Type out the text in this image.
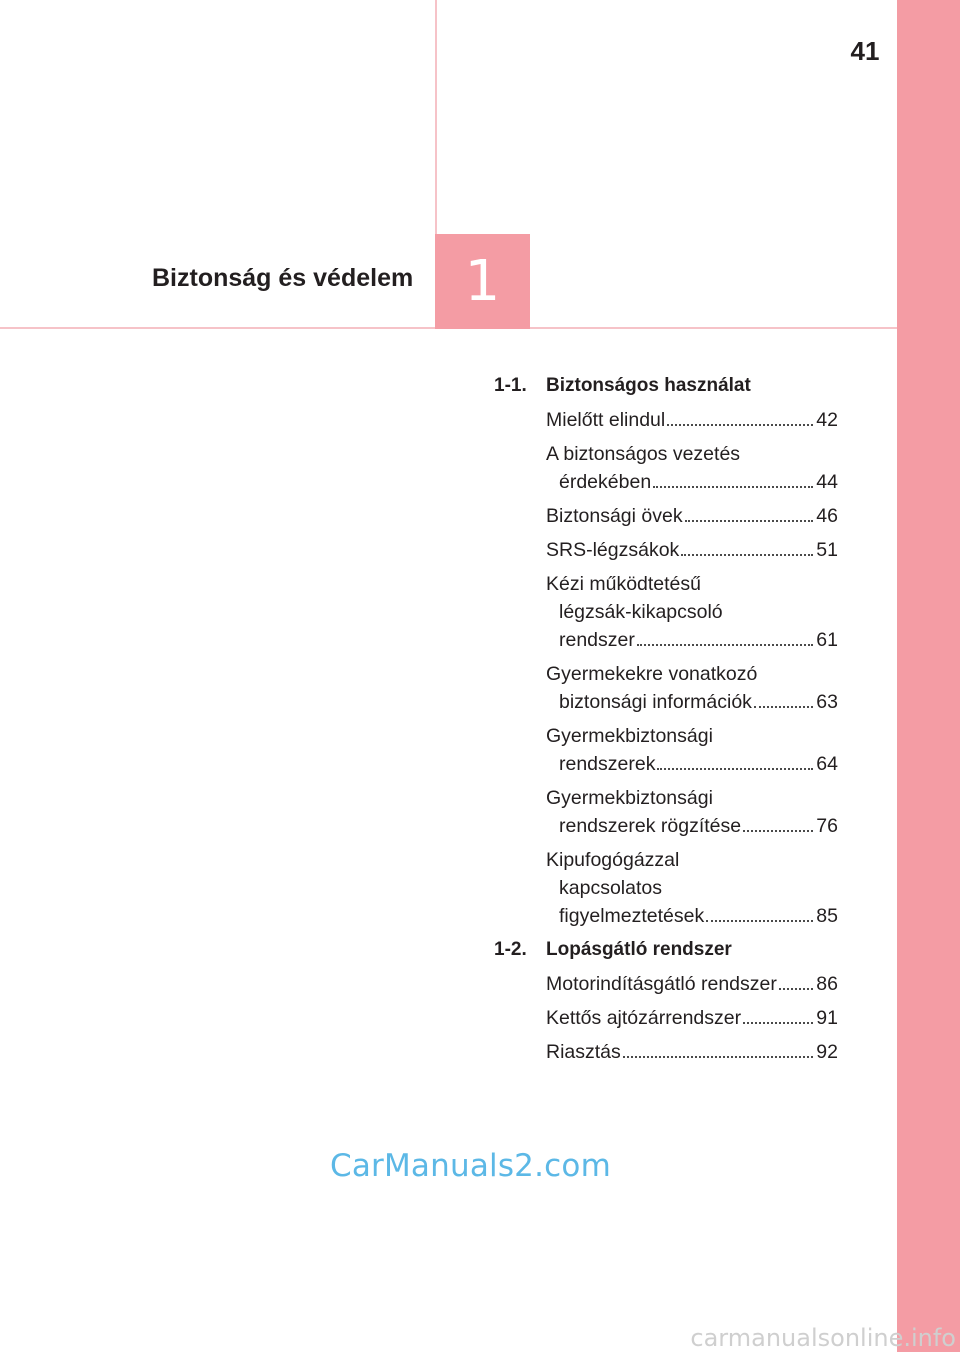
41
Biztonság és védelem 1
1-1.	Biztonságos használat
Mielőtt elindul	42
A biztonságos vezetés
érdekében	44
Biztonsági övek	46
SRS-légzsákok	51
Kézi működtetésű
légzsák-kikapcsoló
rendszer	61
Gyermekekre vonatkozó
biztonsági információk	63
Gyermekbiztonsági
rendszerek	64
Gyermekbiztonsági
rendszerek rögzítése	76
Kipufogógázzal
kapcsolatos
figyelmeztetések	85
1-2.	Lopásgátló rendszer
Motorindításgátló rendszer 86
Kettős ajtózárrendszer	91
Riasztás	92
CarManuals2.com
carmanualsonline.info
